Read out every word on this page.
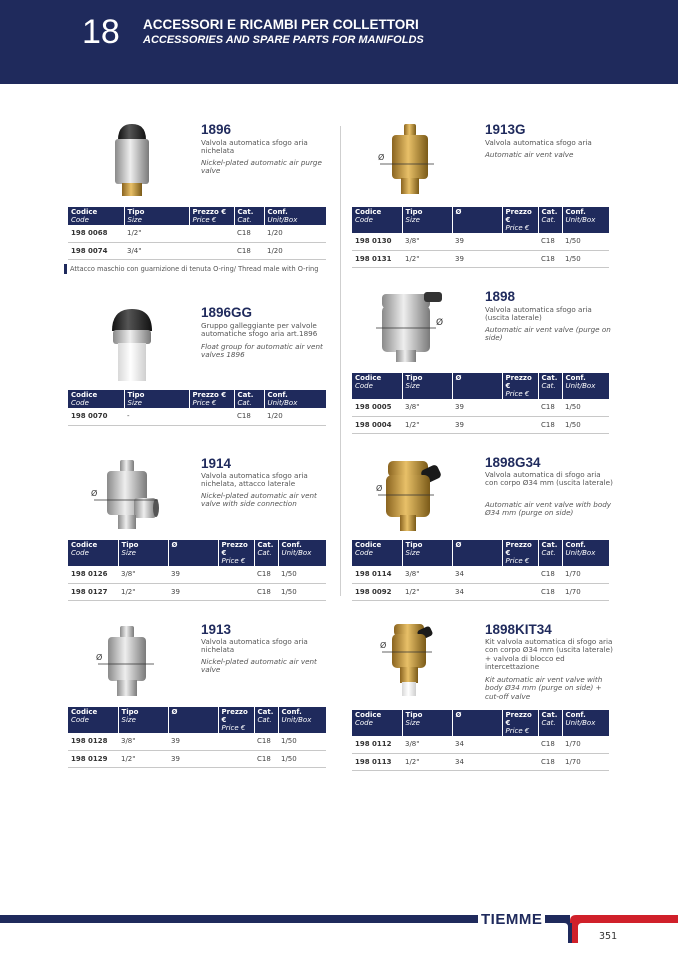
18 ACCESSORI E RICAMBI PER COLLETTORI
ACCESSORIES AND SPARE PARTS FOR MANIFOLDS
1896
Valvola automatica sfogo aria nichelata
Nickel-plated automatic air purge valve
Codice
Code	Tipo
Size	Prezzo €
Price €	Cat.
Cat.	Conf.
Unit/Box
198 0068	1/2"		C18	1/20
198 0074	3/4"		C18	1/20
Attacco maschio con guarnizione di tenuta O-ring/ Thread male with O-ring
1896GG
Gruppo galleggiante per valvole automatiche sfogo aria art.1896
Float group for automatic air vent valves 1896
Codice
Code	Tipo
Size	Prezzo €
Price €	Cat.
Cat.	Conf.
Unit/Box
198 0070	-		C18	1/20
Ø
1914
Valvola automatica sfogo aria nichelata, attacco laterale
Nickel-plated automatic air vent valve with side connection
Codice
Code	Tipo
Size	Ø	Prezzo €
Price €	Cat.
Cat.	Conf.
Unit/Box
198 0126	3/8"	39		C18	1/50
198 0127	1/2"	39		C18	1/50
Ø
1913
Valvola automatica sfogo aria nichelata
Nickel-plated automatic air vent valve
Codice
Code	Tipo
Size	Ø	Prezzo €
Price €	Cat.
Cat.	Conf.
Unit/Box
198 0128	3/8"	39		C18	1/50
198 0129	1/2"	39		C18	1/50
Ø
1913G
Valvola automatica sfogo aria
Automatic air vent valve
Codice
Code	Tipo
Size	Ø	Prezzo €
Price €	Cat.
Cat.	Conf.
Unit/Box
198 0130	3/8"	39		C18	1/50
198 0131	1/2"	39		C18	1/50
Ø
1898
Valvola automatica sfogo aria (uscita laterale)
Automatic air vent valve (purge on side)
Codice
Code	Tipo
Size	Ø	Prezzo €
Price €	Cat.
Cat.	Conf.
Unit/Box
198 0005	3/8"	39		C18	1/50
198 0004	1/2"	39		C18	1/50
Ø
1898G34
Valvola automatica di sfogo aria con corpo Ø34 mm (uscita laterale)
Automatic air vent valve with body Ø34 mm (purge on side)
Codice
Code	Tipo
Size	Ø	Prezzo €
Price €	Cat.
Cat.	Conf.
Unit/Box
198 0114	3/8"	34		C18	1/70
198 0092	1/2"	34		C18	1/70
Ø
1898KIT34
Kit valvola automatica di sfogo aria con corpo Ø34 mm (uscita laterale) + valvola di blocco ed intercettazione
Kit automatic air vent valve with body Ø34 mm (purge on side) + cut-off valve
Codice
Code	Tipo
Size	Ø	Prezzo €
Price €	Cat.
Cat.	Conf.
Unit/Box
198 0112	3/8"	34		C18	1/70
198 0113	1/2"	34		C18	1/70
TIEMME
351
